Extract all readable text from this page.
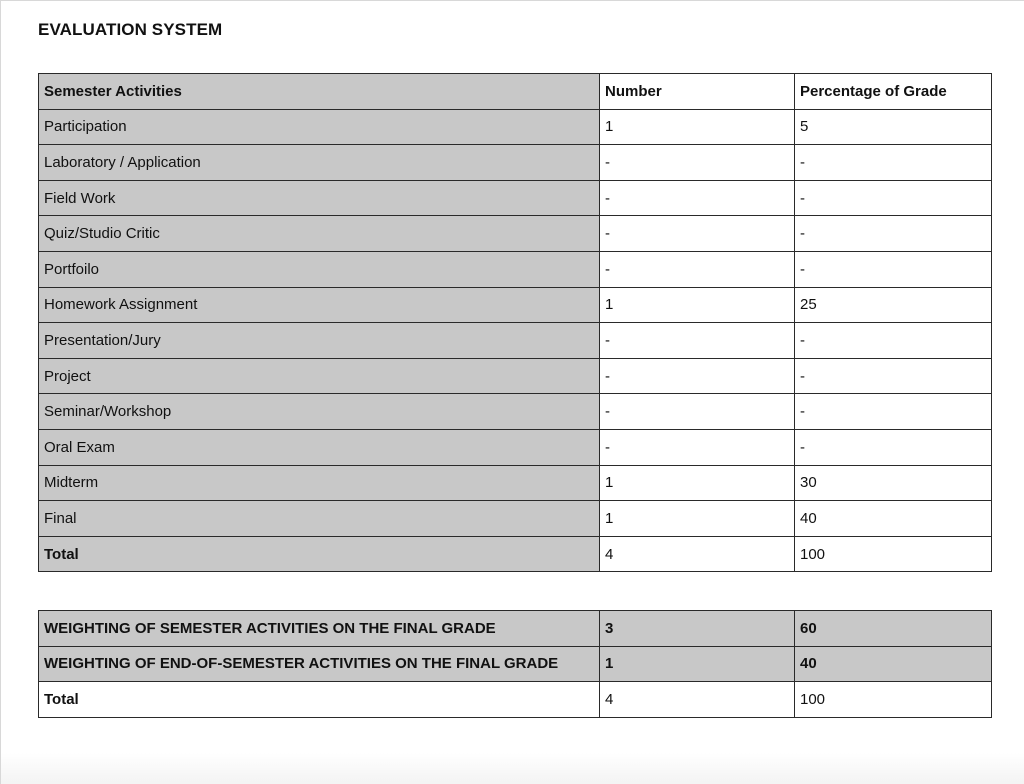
EVALUATION SYSTEM
Semester Activities	Number	Percentage of Grade
Participation	1	5
Laboratory / Application	-	-
Field Work	-	-
Quiz/Studio Critic	-	-
Portfoilo	-	-
Homework Assignment	1	25
Presentation/Jury	-	-
Project	-	-
Seminar/Workshop	-	-
Oral Exam	-	-
Midterm	1	30
Final	1	40
Total	4	100
WEIGHTING OF SEMESTER ACTIVITIES ON THE FINAL GRADE	3	60
WEIGHTING OF END-OF-SEMESTER ACTIVITIES ON THE FINAL GRADE	1	40
Total	4	100
